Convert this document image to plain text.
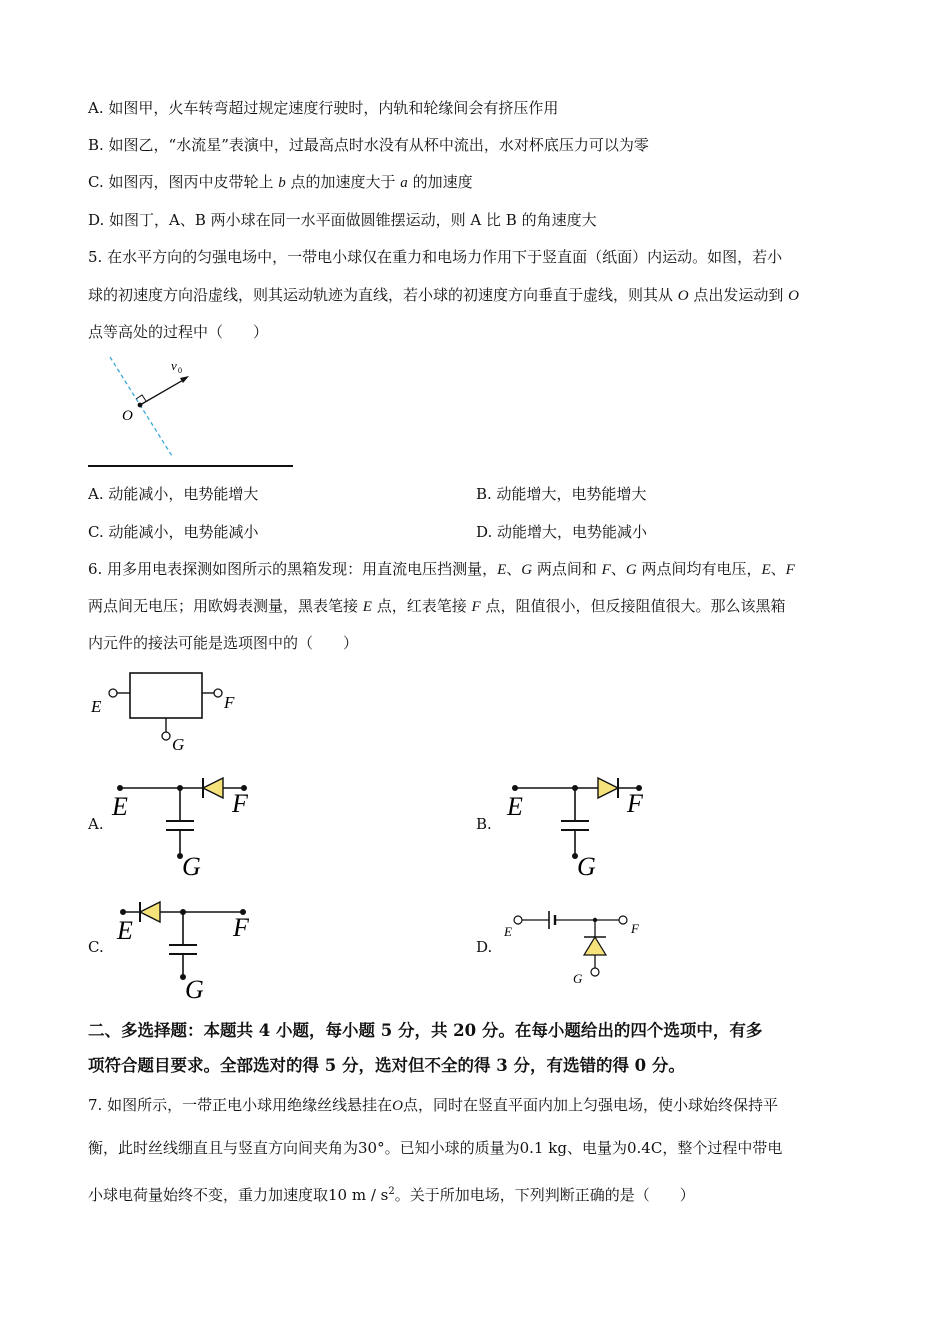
A. 如图甲，火车转弯超过规定速度行驶时，内轨和轮缘间会有挤压作用
B. 如图乙，“水流星”表演中，过最高点时水没有从杯中流出，水对杯底压力可以为零
C. 如图丙，图丙中皮带轮上 b 点的加速度大于 a 的加速度
D. 如图丁，A、B 两小球在同一水平面做圆锥摆运动，则 A 比 B 的角速度大
5. 在水平方向的匀强电场中，一带电小球仅在重力和电场力作用下于竖直面（纸面）内运动。如图，若小
球的初速度方向沿虚线，则其运动轨迹为直线，若小球的初速度方向垂直于虚线，则其从 O 点出发运动到 O
点等高处的过程中（　　）
v 0
O
A. 动能减小，电势能增大	B. 动能增大，电势能增大
C. 动能减小，电势能减小	D. 动能增大，电势能减小
6. 用多用电表探测如图所示的黑箱发现：用直流电压挡测量，E、G 两点间和 F、G 两点间均有电压，E、F
两点间无电压；用欧姆表测量，黑表笔接 E 点，红表笔接 F 点，阻值很小，但反接阻值很大。那么该黑箱
内元件的接法可能是选项图中的（　　）
E	F
G
A.
E	F
G
B.
E	F
G
C.
E	F
G
D.
E	F
G
二、多选择题：本题共 4 小题，每小题 5 分，共 20 分。在每小题给出的四个选项中，有多
项符合题目要求。全部选对的得 5 分，选对但不全的得 3 分，有选错的得 0 分。
7. 如图所示，一带正电小球用绝缘丝线悬挂在O点，同时在竖直平面内加上匀强电场，使小球始终保持平
衡，此时丝线绷直且与竖直方向间夹角为30°。已知小球的质量为0.1 kg、电量为0.4C，整个过程中带电
小球电荷量始终不变，重力加速度取10 m / $s^2$。关于所加电场，下列判断正确的是（　　）
